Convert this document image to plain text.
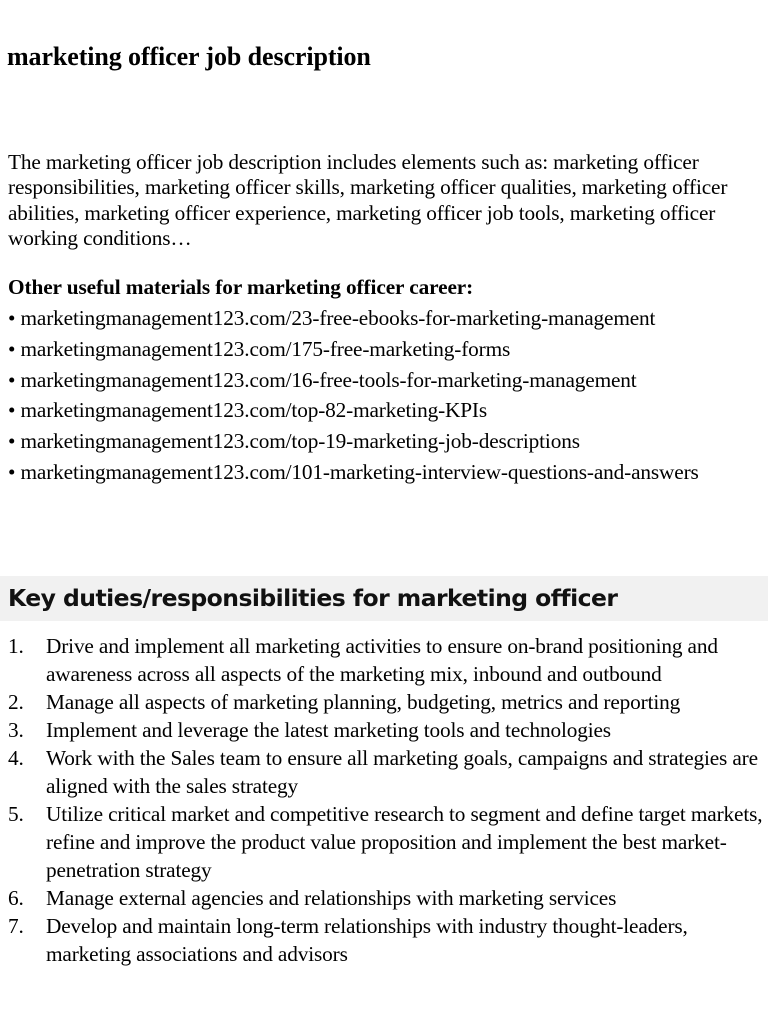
marketing officer job description

The marketing officer job description includes elements such as: marketing officer responsibilities, marketing officer skills, marketing officer qualities, marketing officer abilities, marketing officer experience, marketing officer job tools, marketing officer working conditions…

Other useful materials for marketing officer career:
• marketingmanagement123.com/23-free-ebooks-for-marketing-management
• marketingmanagement123.com/175-free-marketing-forms
• marketingmanagement123.com/16-free-tools-for-marketing-management
• marketingmanagement123.com/top-82-marketing-KPIs
• marketingmanagement123.com/top-19-marketing-job-descriptions
• marketingmanagement123.com/101-marketing-interview-questions-and-answers
Key duties/responsibilities for marketing officer
1.	Drive and implement all marketing activities to ensure on-brand positioning and awareness across all aspects of the marketing mix, inbound and outbound
2.	Manage all aspects of marketing planning, budgeting, metrics and reporting
3.	Implement and leverage the latest marketing tools and technologies
4.	Work with the Sales team to ensure all marketing goals, campaigns and strategies are aligned with the sales strategy
5.	Utilize critical market and competitive research to segment and define target markets, refine and improve the product value proposition and implement the best market-penetration strategy
6.	Manage external agencies and relationships with marketing services
7.	Develop and maintain long-term relationships with industry thought-leaders, marketing associations and advisors
